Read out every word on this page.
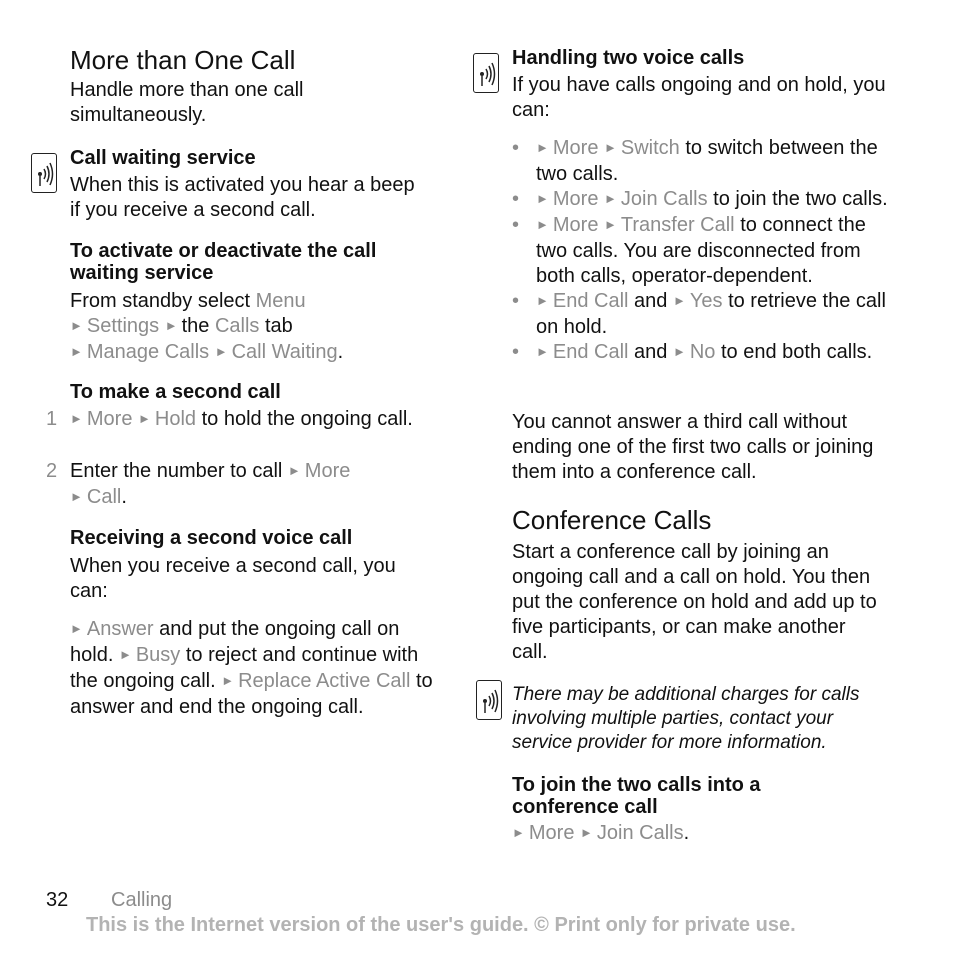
More than One Call

Handle more than one call simultaneously.

Call waiting service

When this is activated you hear a beep if you receive a second call.

To activate or deactivate the call waiting service

From standby select Menu
► Settings ► the Calls tab
► Manage Calls ► Call Waiting.

To make a second call
1 ► More ► Hold to hold the ongoing call.

2 Enter the number to call ► More
► Call.

Receiving a second voice call

When you receive a second call, you can:

► Answer and put the ongoing call on hold. ► Busy to reject and continue with the ongoing call. ► Replace Active Call to answer and end the ongoing call.

Handling two voice calls

If you have calls ongoing and on hold, you can:

• ► More ► Switch to switch between the two calls.
• ► More ► Join Calls to join the two calls.
• ► More ► Transfer Call to connect the two calls. You are disconnected from both calls, operator-dependent.
• ► End Call and ► Yes to retrieve the call on hold.
• ► End Call and ► No to end both calls.

You cannot answer a third call without ending one of the first two calls or joining them into a conference call.

Conference Calls

Start a conference call by joining an ongoing call and a call on hold. You then put the conference on hold and add up to five participants, or can make another call.

There may be additional charges for calls involving multiple parties, contact your service provider for more information.

To join the two calls into a conference call

► More ► Join Calls.

32 Calling
This is the Internet version of the user's guide. © Print only for private use.
